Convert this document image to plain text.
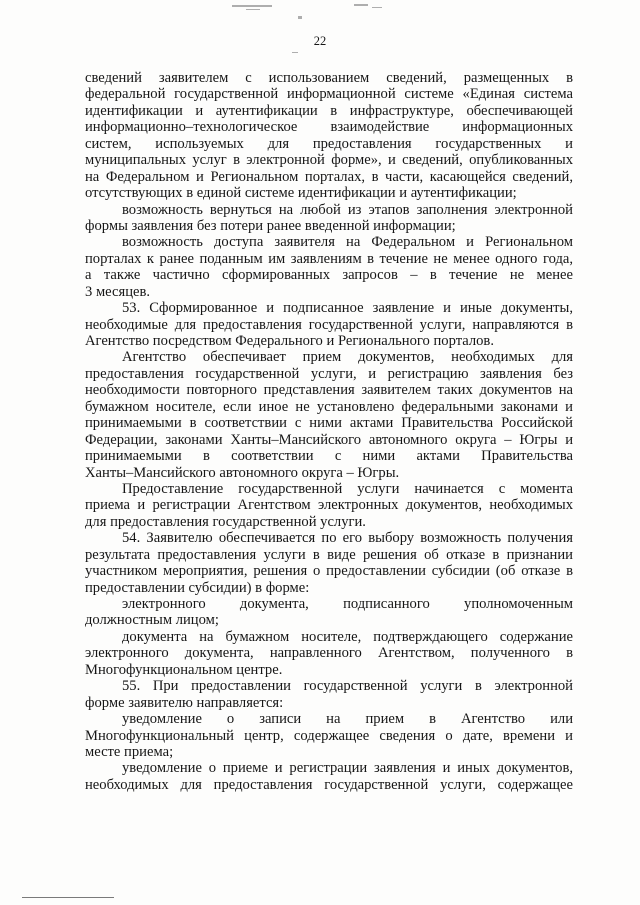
22
сведений заявителем с использованием сведений, размещенных в
федеральной государственной информационной системе «Единая система
идентификации и аутентификации в инфраструктуре, обеспечивающей
информационно–технологическое взаимодействие информационных
систем, используемых для предоставления государственных и
муниципальных услуг в электронной форме», и сведений, опубликованных
на Федеральном и Региональном порталах, в части, касающейся сведений,
отсутствующих в единой системе идентификации и аутентификации;
возможность вернуться на любой из этапов заполнения электронной
формы заявления без потери ранее введенной информации;
возможность доступа заявителя на Федеральном и Региональном
порталах к ранее поданным им заявлениям в течение не менее одного года,
а также частично сформированных запросов – в течение не менее
3 месяцев.
53. Сформированное и подписанное заявление и иные документы,
необходимые для предоставления государственной услуги, направляются в
Агентство посредством Федерального и Регионального порталов.
Агентство обеспечивает прием документов, необходимых для
предоставления государственной услуги, и регистрацию заявления без
необходимости повторного представления заявителем таких документов на
бумажном носителе, если иное не установлено федеральными законами и
принимаемыми в соответствии с ними актами Правительства Российской
Федерации, законами Ханты–Мансийского автономного округа – Югры и
принимаемыми в соответствии с ними актами Правительства
Ханты–Мансийского автономного округа – Югры.
Предоставление государственной услуги начинается с момента
приема и регистрации Агентством электронных документов, необходимых
для предоставления государственной услуги.
54. Заявителю обеспечивается по его выбору возможность получения
результата предоставления услуги в виде решения об отказе в признании
участником мероприятия, решения о предоставлении субсидии (об отказе в
предоставлении субсидии) в форме:
электронного документа, подписанного уполномоченным
должностным лицом;
документа на бумажном носителе, подтверждающего содержание
электронного документа, направленного Агентством, полученного в
Многофункциональном центре.
55. При предоставлении государственной услуги в электронной
форме заявителю направляется:
уведомление о записи на прием в Агентство или
Многофункциональный центр, содержащее сведения о дате, времени и
месте приема;
уведомление о приеме и регистрации заявления и иных документов,
необходимых для предоставления государственной услуги, содержащее
